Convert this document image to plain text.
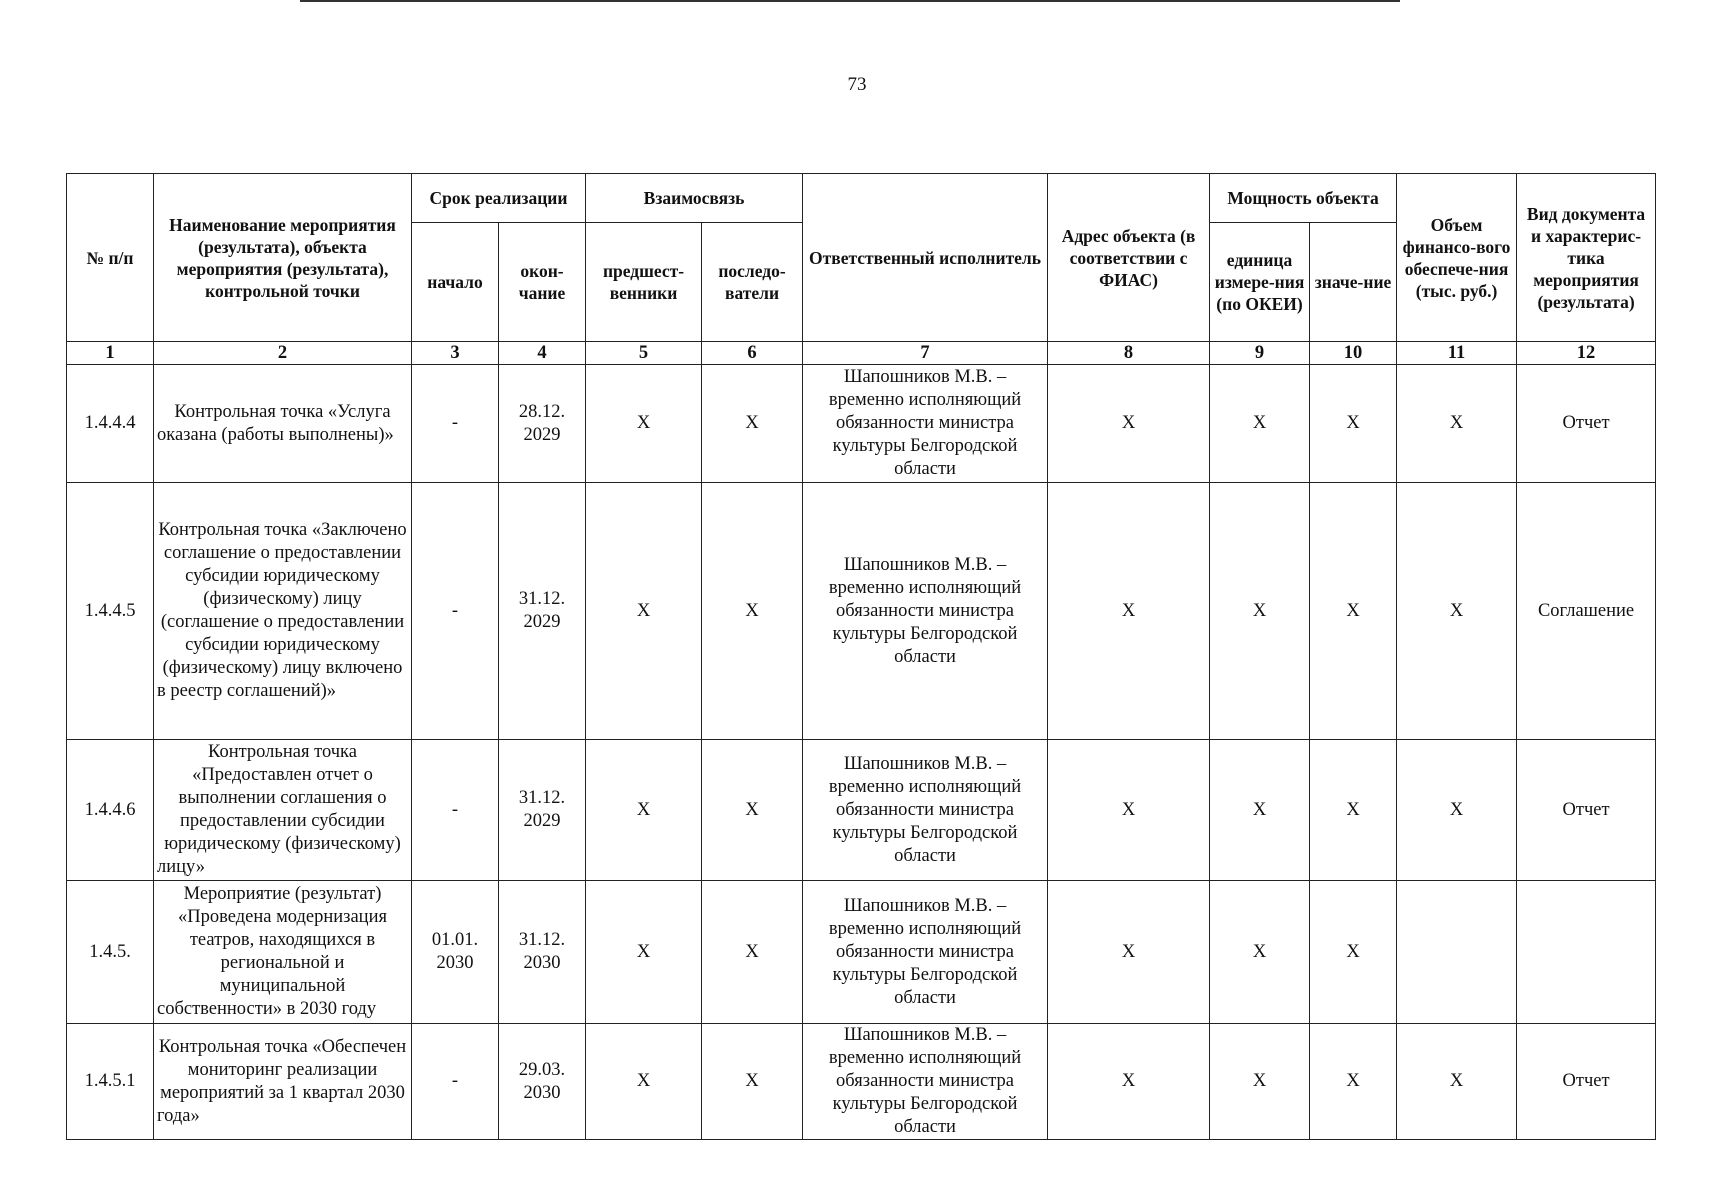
73
№ п/п	Наименование мероприятия (результата), объекта мероприятия (результата), контрольной точки	Срок реализации		Взаимосвязь		Ответственный исполнитель	Адрес объекта (в соответствии с ФИАС)	Мощность объекта		Объем финансо-вого обеспече-ния (тыс. руб.)	Вид документа и характерис-тика мероприятия (результата)
		начало	окон-чание	предшест-венники	последо-ватели			единица измере-ния (по ОКЕИ)	значе-ние		
1	2	3	4	5	6	7	8	9	10	11	12
1.4.4.4	Контрольная точка «Услуга оказана (работы выполнены)»	-	28.12. 2029	Х	Х	Шапошников М.В. – временно исполняющий обязанности министра культуры Белгородской области	Х	Х	Х	Х	Отчет
1.4.4.5	Контрольная точка «Заключено соглашение о предоставлении субсидии юридическому (физическому) лицу (соглашение о предоставлении субсидии юридическому (физическому) лицу включено в реестр соглашений)»	-	31.12. 2029	Х	Х	Шапошников М.В. – временно исполняющий обязанности министра культуры Белгородской области	Х	Х	Х	Х	Соглашение
1.4.4.6	Контрольная точка «Предоставлен отчет о выполнении соглашения о предоставлении субсидии юридическому (физическому) лицу»	-	31.12. 2029	Х	Х	Шапошников М.В. – временно исполняющий обязанности министра культуры Белгородской области	Х	Х	Х	Х	Отчет
1.4.5.	Мероприятие (результат) «Проведена модернизация театров, находящихся в региональной и муниципальной собственности» в 2030 году	01.01. 2030	31.12. 2030	Х	Х	Шапошников М.В. – временно исполняющий обязанности министра культуры Белгородской области	Х	Х	Х		
1.4.5.1	Контрольная точка «Обеспечен мониторинг реализации мероприятий за 1 квартал 2030 года»	-	29.03. 2030	Х	Х	Шапошников М.В. – временно исполняющий обязанности министра культуры Белгородской области	Х	Х	Х	Х	Отчет
